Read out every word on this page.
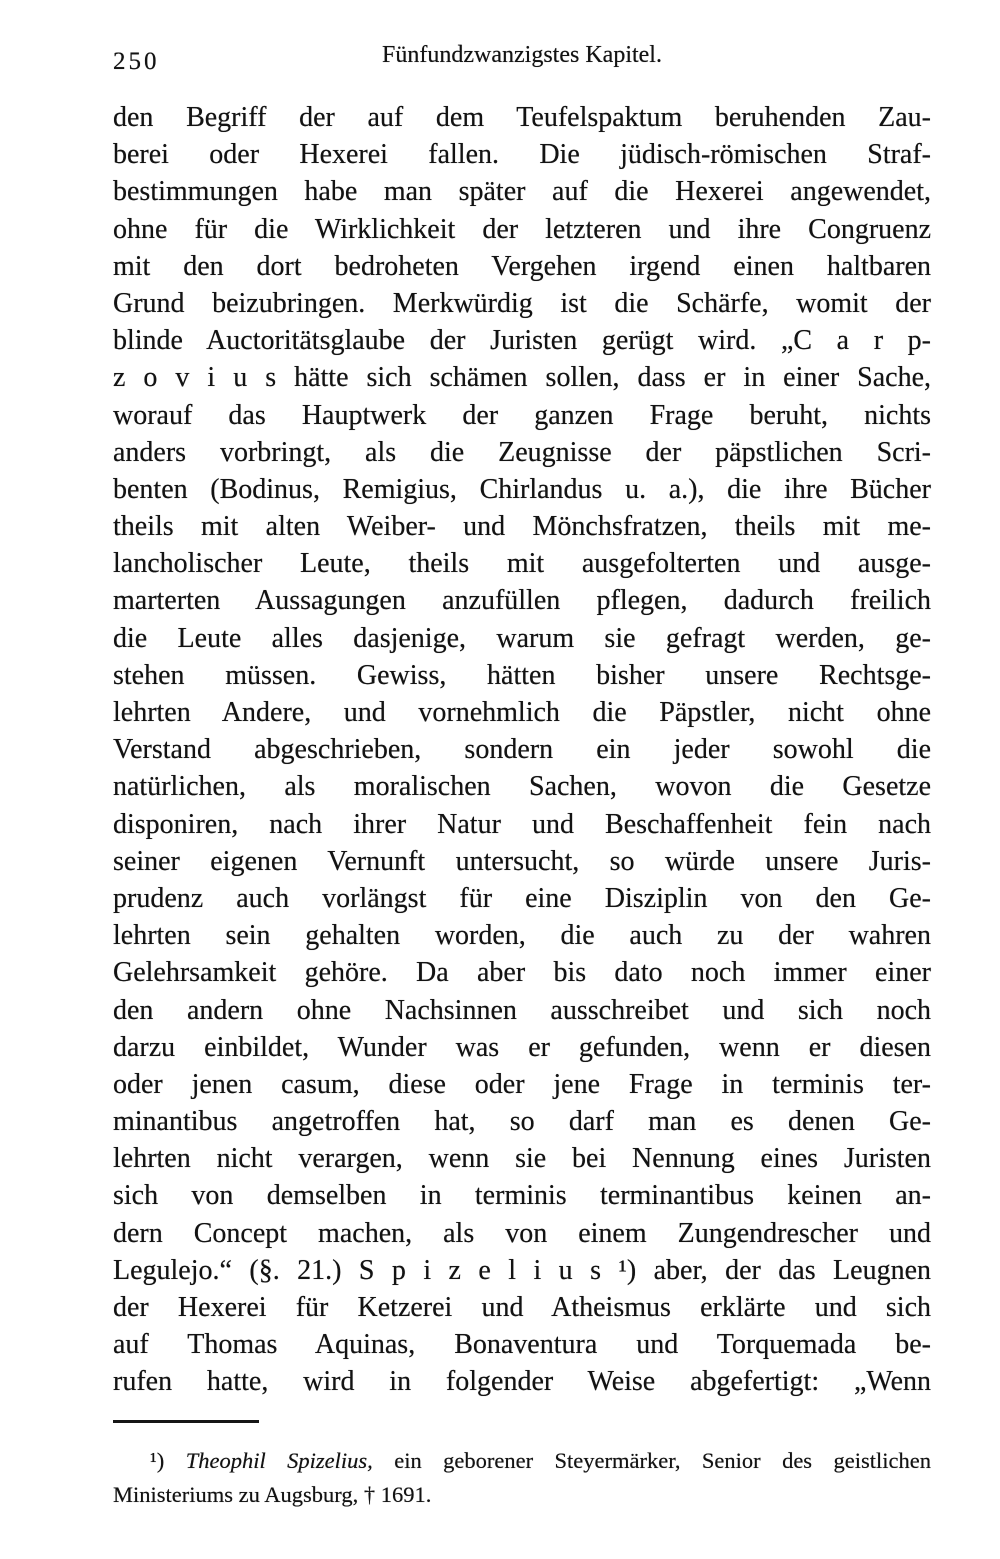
250	Fünfundzwanzigstes Kapitel.
den Begriff der auf dem Teufelspaktum beruhenden Zau-
berei oder Hexerei fallen. Die jüdisch-römischen Straf-
bestimmungen habe man später auf die Hexerei angewendet,
ohne für die Wirklichkeit der letzteren und ihre Congruenz
mit den dort bedroheten Vergehen irgend einen haltbaren
Grund beizubringen. Merkwürdig ist die Schärfe, womit der
blinde Auctoritätsglaube der Juristen gerügt wird. „C a r p-
z o v i u s hätte sich schämen sollen, dass er in einer Sache,
worauf das Hauptwerk der ganzen Frage beruht, nichts
anders vorbringt, als die Zeugnisse der päpstlichen Scri-
benten (Bodinus, Remigius, Chirlandus u. a.), die ihre Bücher
theils mit alten Weiber- und Mönchsfratzen, theils mit me-
lancholischer Leute, theils mit ausgefolterten und ausge-
marterten Aussagungen anzufüllen pflegen, dadurch freilich
die Leute alles dasjenige, warum sie gefragt werden, ge-
stehen müssen. Gewiss, hätten bisher unsere Rechtsge-
lehrten Andere, und vornehmlich die Päpstler, nicht ohne
Verstand abgeschrieben, sondern ein jeder sowohl die
natürlichen, als moralischen Sachen, wovon die Gesetze
disponiren, nach ihrer Natur und Beschaffenheit fein nach
seiner eigenen Vernunft untersucht, so würde unsere Juris-
prudenz auch vorlängst für eine Disziplin von den Ge-
lehrten sein gehalten worden, die auch zu der wahren
Gelehrsamkeit gehöre. Da aber bis dato noch immer einer
den andern ohne Nachsinnen ausschreibet und sich noch
darzu einbildet, Wunder was er gefunden, wenn er diesen
oder jenen casum, diese oder jene Frage in terminis ter-
minantibus angetroffen hat, so darf man es denen Ge-
lehrten nicht verargen, wenn sie bei Nennung eines Juristen
sich von demselben in terminis terminantibus keinen an-
dern Concept machen, als von einem Zungendrescher und
Legulejo.“ (§. 21.) S p i z e l i u s ¹) aber, der das Leugnen
der Hexerei für Ketzerei und Atheismus erklärte und sich
auf Thomas Aquinas, Bonaventura und Torquemada be-
rufen hatte, wird in folgender Weise abgefertigt: „Wenn
¹) Theophil Spizelius, ein geborener Steyermärker, Senior des geistlichen
Ministeriums zu Augsburg, † 1691.
